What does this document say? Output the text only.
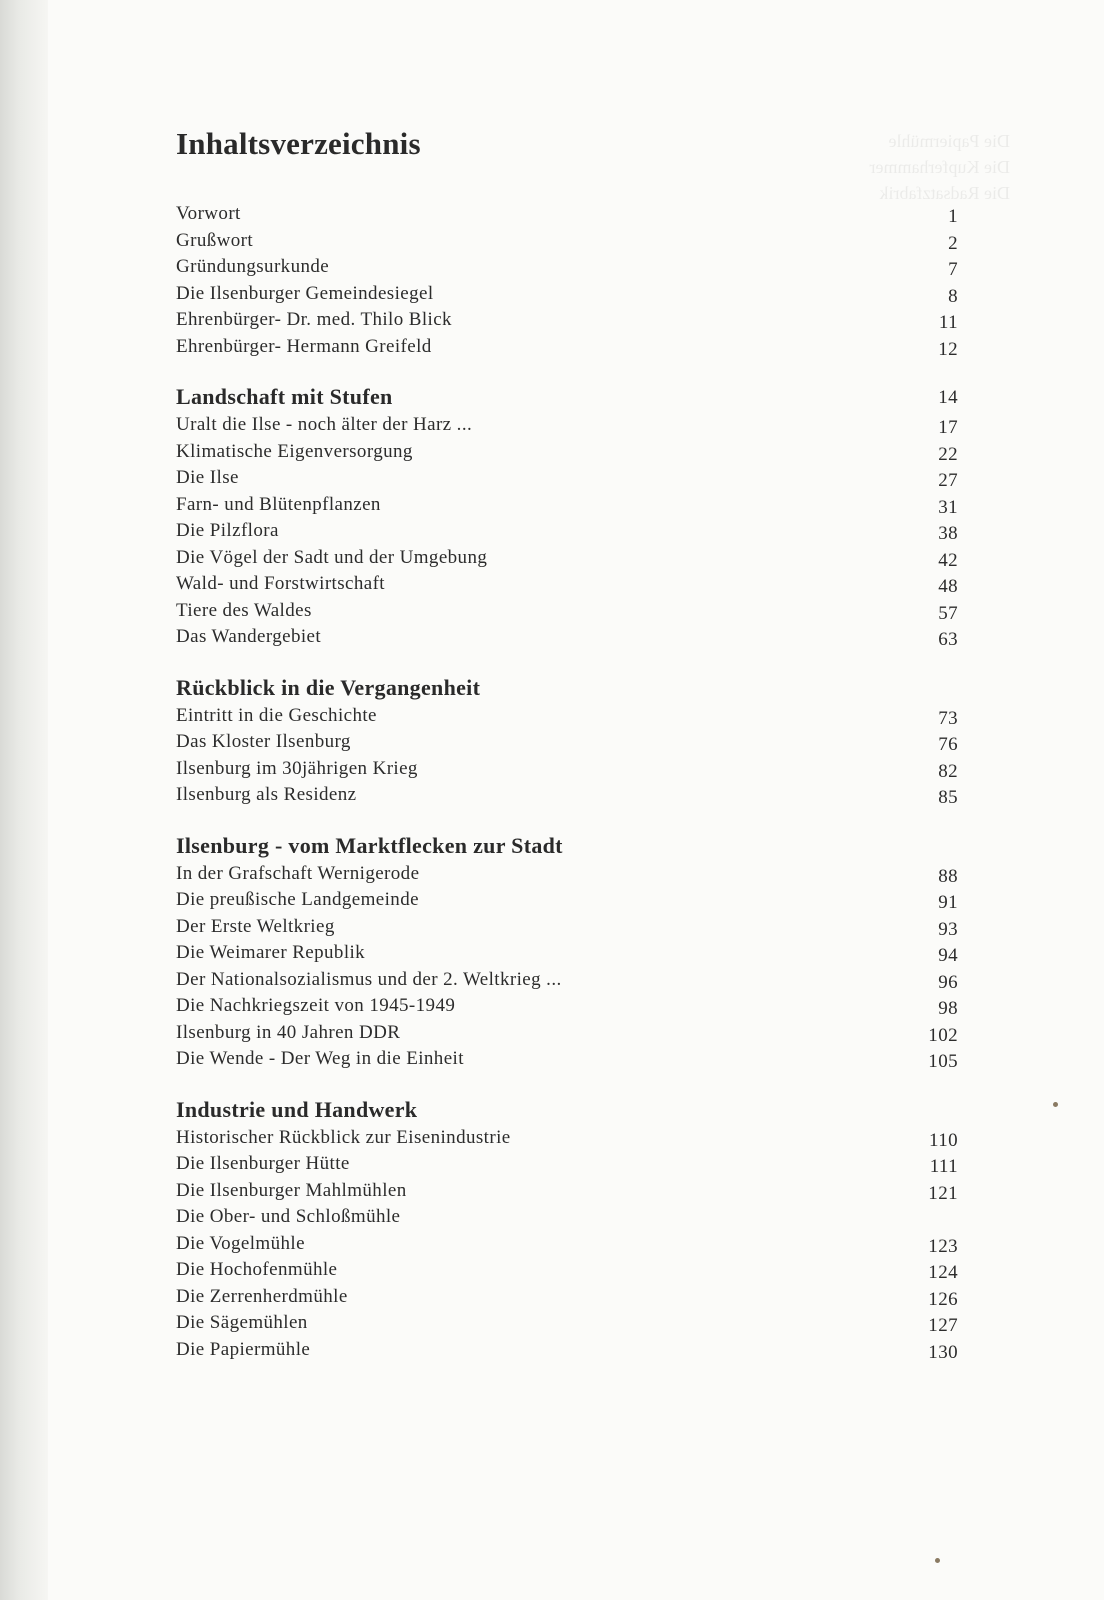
Die Papiermühle
Die Kupferhammer
Die Radsatzfabrik
Inhaltsverzeichnis
Vorwort	1
Grußwort	2
Gründungsurkunde	7
Die Ilsenburger Gemeindesiegel	8
Ehrenbürger- Dr. med. Thilo Blick	11
Ehrenbürger- Hermann Greifeld	12
Landschaft mit Stufen	14
Uralt die Ilse - noch älter der Harz ...	17
Klimatische Eigenversorgung	22
Die Ilse	27
Farn- und Blütenpflanzen	31
Die Pilzflora	38
Die Vögel der Sadt und der Umgebung	42
Wald- und Forstwirtschaft	48
Tiere des Waldes	57
Das Wandergebiet	63
Rückblick in die Vergangenheit
Eintritt in die Geschichte	73
Das Kloster Ilsenburg	76
Ilsenburg im 30jährigen Krieg	82
Ilsenburg als Residenz	85
Ilsenburg - vom Marktflecken zur Stadt
In der Grafschaft Wernigerode	88
Die preußische Landgemeinde	91
Der Erste Weltkrieg	93
Die Weimarer Republik	94
Der Nationalsozialismus und der 2. Weltkrieg ...	96
Die Nachkriegszeit von 1945-1949	98
Ilsenburg in 40 Jahren DDR	102
Die Wende - Der Weg in die Einheit	105
Industrie und Handwerk
Historischer Rückblick zur Eisenindustrie	110
Die Ilsenburger Hütte	111
Die Ilsenburger Mahlmühlen	121
Die Ober- und Schloßmühle
Die Vogelmühle	123
Die Hochofenmühle	124
Die Zerrenherdmühle	126
Die Sägemühlen	127
Die Papiermühle	130
